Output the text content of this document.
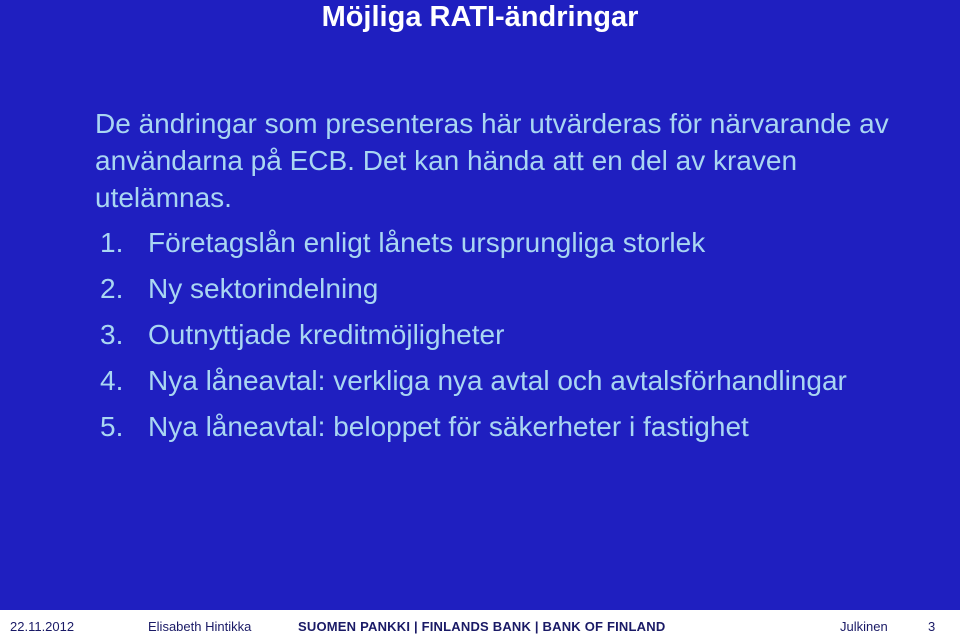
Möjliga RATI-ändringar
De ändringar som presenteras här utvärderas för närvarande av användarna på ECB. Det kan hända att en del av kraven utelämnas.
1. Företagslån enligt lånets ursprungliga storlek
2. Ny sektorindelning
3. Outnyttjade kreditmöjligheter
4. Nya låneavtal: verkliga nya avtal och avtalsförhandlingar
5. Nya låneavtal: beloppet för säkerheter i fastighet
22.11.2012	Elisabeth Hintikka	SUOMEN PANKKI | FINLANDS BANK | BANK OF FINLAND	Julkinen	3
